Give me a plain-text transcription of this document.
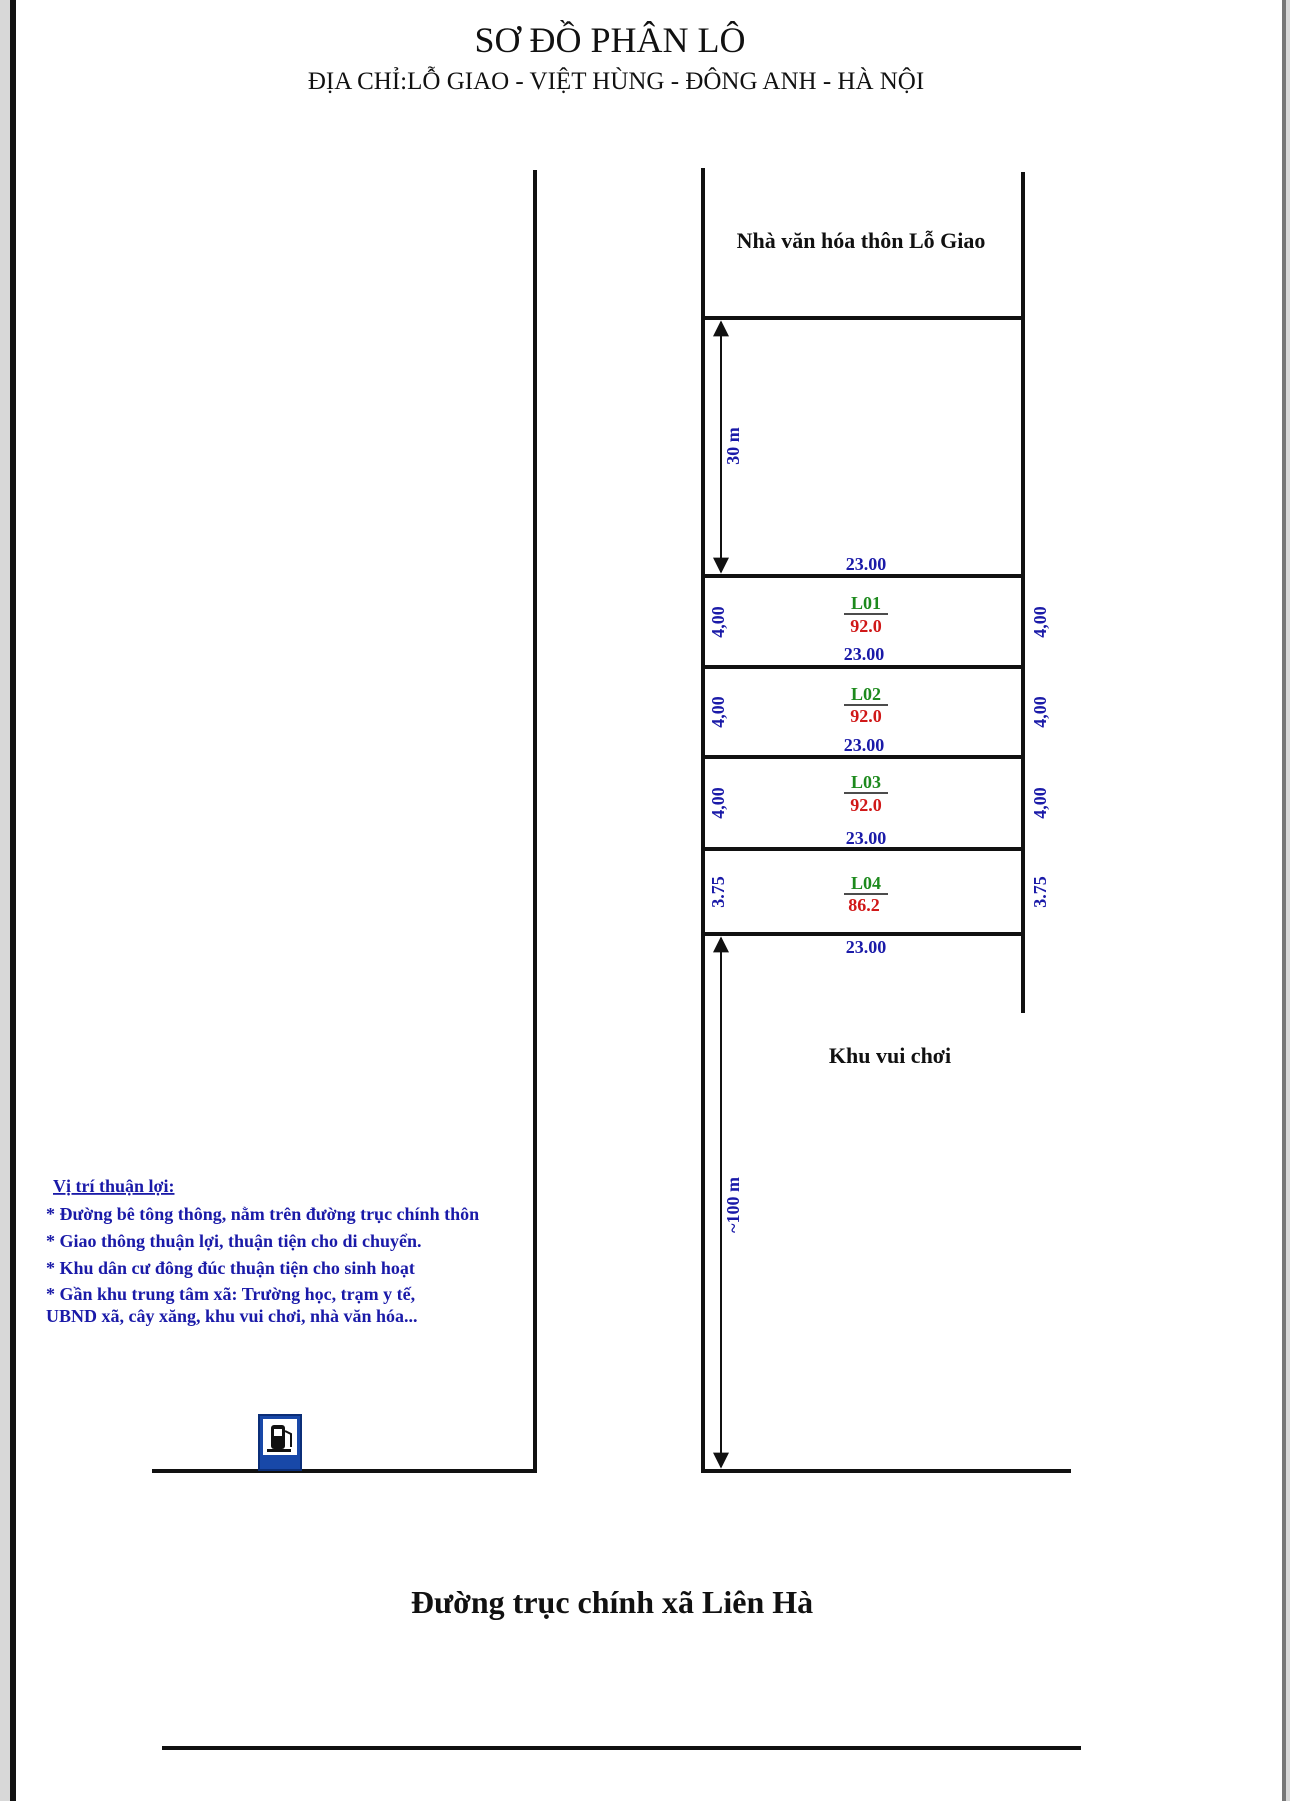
SƠ ĐỒ PHÂN LÔ
ĐỊA CHỈ:LỖ GIAO - VIỆT HÙNG - ĐÔNG ANH - HÀ NỘI
Nhà văn hóa thôn Lỗ Giao
30 m
23.00
23.00
23.00
23.00
23.00
L01
92.0
4,00	4,00
L02
92.0
4,00	4,00
L03
92.0
4,00	4,00
L04
86.2
3.75	3.75
Khu vui chơi
~100 m
Vị trí thuận lợi:
* Đường bê tông thông, nằm trên đường trục chính thôn
* Giao thông thuận lợi, thuận tiện cho di chuyển.
* Khu dân cư đông đúc thuận tiện cho sinh hoạt
* Gần khu trung tâm xã: Trường học, trạm y tế,
UBND xã, cây xăng, khu vui chơi, nhà văn hóa...
Đường trục chính xã Liên Hà
